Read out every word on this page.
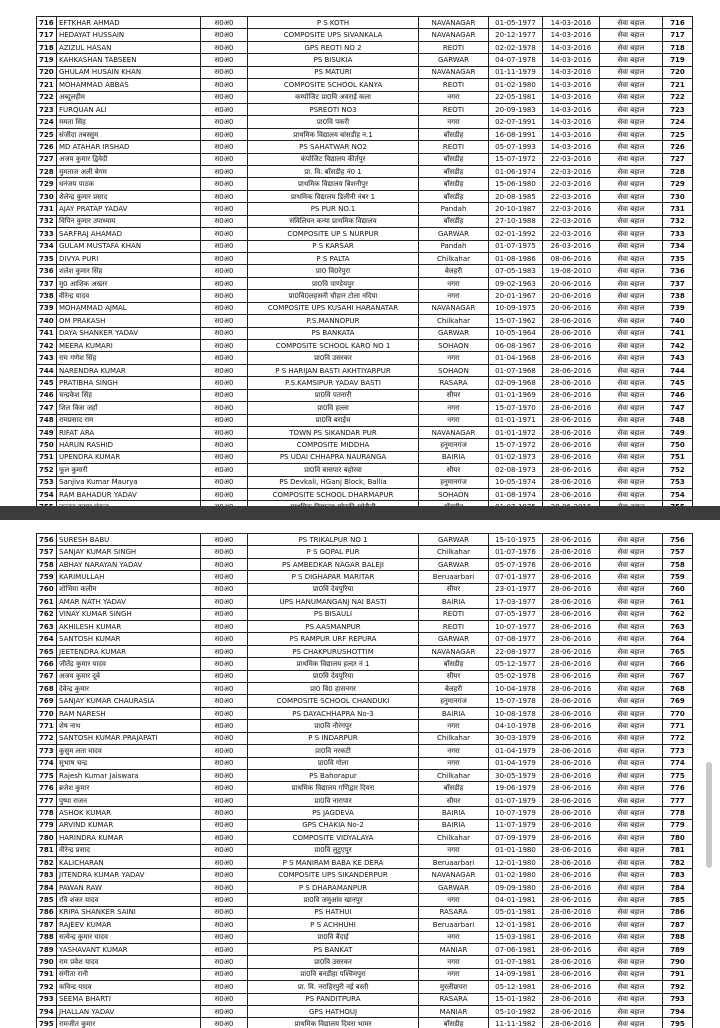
716	EFTKHAR AHMAD	स0अ0	P S KOTH	NAVANAGAR	01-05-1977	14-03-2016	सेवा बहाल	716
717	HEDAYAT HUSSAIN	स0अ0	COMPOSITE UPS SIVANKALA	NAVANAGAR	20-12-1977	14-03-2016	सेवा बहाल	717
718	AZIZUL HASAN	स0अ0	GPS REOTI NO 2	REOTI	02-02-1978	14-03-2016	सेवा बहाल	718
719	KAHKASHAN TABSEEN	स0अ0	PS BISUKIA	GARWAR	04-07-1978	14-03-2016	सेवा बहाल	719
720	GHULAM HUSAIN KHAN	स0अ0	PS MATURI	NAVANAGAR	01-11-1979	14-03-2016	सेवा बहाल	720
721	MOHAMMAD ABBAS	स0अ0	COMPOSITE SCHOOL KANYA	REOTI	01-02-1980	14-03-2016	सेवा बहाल	721
722	अब्दुलहीम	स0अ0	कम्पोजिट प्रा0वि अवराई कला	नगरा	22-05-1981	14-03-2016	सेवा बहाल	722
723	FURQUAN ALI	स0अ0	PSREOTI NO3	REOTI	20-09-1983	14-03-2016	सेवा बहाल	723
724	ममता सिंह	स0अ0	प्रा0वि पकरी	नगरा	02-07-1991	14-03-2016	सेवा बहाल	724
725	संजीदा तबस्सुम	स0अ0	प्राथमिक विद्यालय बांसडीह न.1	बाँसडीह	16-08-1991	14-03-2016	सेवा बहाल	725
726	MD ATAHAR IRSHAD	स0अ0	PS SAHATWAR NO2	REOTI	05-07-1993	14-03-2016	सेवा बहाल	726
727	अजय कुमार द्विवेदी	स0अ0	कंपोजिट विद्यालय कीर्तपुर	बाँसडीह	15-07-1972	22-03-2016	सेवा बहाल	727
728	मुमताज अली बेगम	स0अ0	प्रा. वि. बाँसडीह नं0 1	बाँसडीह	01-06-1974	22-03-2016	सेवा बहाल	728
729	धनंजय पाठक	स0अ0	प्राथमिक विद्यालय बिशनीपुर	बाँसडीह	15-06-1980	22-03-2016	सेवा बहाल	729
730	शैलेन्द्र कुमार प्रसाद	स0अ0	प्राथमिक विद्यालय डिलीनी नंबर 1	बाँसडीह	20-08-1985	22-03-2016	सेवा बहाल	730
731	AJAY PRATAP YADAV	स0अ0	PS PUR NO.1	Pandah	20-10-1987	22-03-2016	सेवा बहाल	731
732	विपिन कुमार उपाध्याय	स0अ0	संविलियन कन्या प्राथमिक विद्यालय	बाँसडीह	27-10-1988	22-03-2016	सेवा बहाल	732
733	SARFRAJ AHAMAD	स0अ0	COMPOSITE UP S NURPUR	GARWAR	02-01-1992	22-03-2016	सेवा बहाल	733
734	GULAM MUSTAFA KHAN	स0अ0	P S KARSAR	Pandah	01-07-1975	26-03-2016	सेवा बहाल	734
735	DIVYA PURI	स0अ0	P S PALTA	Chilkahar	01-08-1986	08-06-2016	सेवा बहाल	735
736	शलेश कुमार सिंह	स0अ0	प्रा0 वि0रेपुरा	बेलहरी	07-05-1983	19-08-2010	सेवा बहाल	736
737	मु0 आशिक अख्तर	स0अ0	प्रा0वि पाण्डेयपुर	नगरा	09-02-1963	20-06-2016	सेवा बहाल	737
738	वीरेन्द्र यादव	स0अ0	प्रा0वि0लहसनी चौहान टोला नदिया	नगरा	20-01-1967	20-06-2016	सेवा बहाल	738
739	MOHAMMAD AJMAL	स0अ0	COMPOSITE UPS KUSAHI HARANATAR	NAVANAGAR	10-09-1975	20-06-2016	सेवा बहाल	739
740	OM PRAKASH	स0अ0	P.S.MANNOPUR	Chilkahar	15-07-1962	28-06-2016	सेवा बहाल	740
741	DAYA SHANKER YADAV	स0अ0	PS BANKATA	GARWAR	10-05-1964	28-06-2016	सेवा बहाल	741
742	MEERA KUMARI	स0अ0	COMPOSITE SCHOOL KARO NO 1	SOHAON	06-08-1967	28-06-2016	सेवा बहाल	742
743	राम गणेश सिंह	स0अ0	प्रा0वि उसरकर	नगरा	01-04-1968	28-06-2016	सेवा बहाल	743
744	NARENDRA KUMAR	स0अ0	P S HARIJAN BASTI AKHTIYARPUR	SOHAON	01-07-1968	28-06-2016	सेवा बहाल	744
745	PRATIBHA SINGH	स0अ0	P.S.KAMSIPUR YADAV BASTI	RASARA	02-09-1968	28-06-2016	सेवा बहाल	745
746	चन्द्रकेश सिंह	स0अ0	प्रा0वि पतनारी	सीयर	01-01-1969	28-06-2016	सेवा बहाल	746
747	शिल किस जहाँ	स0अ0	प्रा0वि हल्ला	नगरा	15-07-1970	28-06-2016	सेवा बहाल	747
748	रामप्रसाद राम	स0अ0	प्रा0वि बराईच	नगरा	01-01-1971	28-06-2016	सेवा बहाल	748
749	RIFAT ARA	स0अ0	TOWN PS SIKANDAR PUR	NAVANAGAR	01-01-1972	28-06-2016	सेवा बहाल	749
750	HARUN RASHID	स0अ0	COMPOSITE MIDDHA	हनुमानगंज	15-07-1972	28-06-2016	सेवा बहाल	750
751	UPENDRA KUMAR	स0अ0	PS UDAI CHHAPRA NAURANGA	BAIRIA	01-02-1973	28-06-2016	सेवा बहाल	751
752	फूल कुमारी	स0अ0	प्रा0वि बासपार बहोरवा	सीयर	02-08-1973	28-06-2016	सेवा बहाल	752
753	Sanjiva Kumar Maurya	स0अ0	PS Devkali, HGanj Block, Ballia	हनुमानगंज	10-05-1974	28-06-2016	सेवा बहाल	753
754	RAM BAHADUR YADAV	स0अ0	COMPOSITE SCHOOL DHARMAPUR	SOHAON	01-08-1974	28-06-2016	सेवा बहाल	754

756	SURESH BABU	स0अ0	PS TRIKALPUR NO 1	GARWAR	15-10-1975	28-06-2016	सेवा बहाल	756
757	SANJAY KUMAR SINGH	स0अ0	P S GOPAL PUR	Chilkahar	01-07-1976	28-06-2016	सेवा बहाल	757
758	ABHAY NARAYAN YADAV	स0अ0	PS AMBEDKAR NAGAR BALEJI	GARWAR	05-07-1976	28-06-2016	सेवा बहाल	758
759	KARIMULLAH	स0अ0	P S DIGHAPAR MARITAR	Beruaarbari	07-01-1977	28-06-2016	सेवा बहाल	759
760	शोभिया कलीम	स0अ0	प्रा0वि देवपुरिया	सीयर	23-01-1977	28-06-2016	सेवा बहाल	760
761	AMAR NATH YADAV	स0अ0	UPS HANUMANGANJ NAI BASTI	BAIRIA	17-03-1977	28-06-2016	सेवा बहाल	761
762	VINAY KUMAR SINGH	स0अ0	PS BISAULI	REOTI	07-05-1977	28-06-2016	सेवा बहाल	762
763	AKHILESH KUMAR	स0अ0	PS AASMANPUR	REOTI	10-07-1977	28-06-2016	सेवा बहाल	763
764	SANTOSH KUMAR	स0अ0	PS RAMPUR URF REPURA	GARWAR	07-08-1977	28-06-2016	सेवा बहाल	764
765	JEETENDRA KUMAR	स0अ0	PS CHAKPURUSHOTTIM	NAVANAGAR	22-08-1977	28-06-2016	सेवा बहाल	765
766	जीतेंद्र कुमार यादव	स0अ0	प्राथमिक विद्यालय हल्दर नं 1	बाँसडीह	05-12-1977	28-06-2016	सेवा बहाल	766
767	अजय कुमार दूबे	स0अ0	प्रा0वि देवपुरिया	सीयर	05-02-1978	28-06-2016	सेवा बहाल	767
768	देवेन्द्र कुमार	स0अ0	प्रा0 वि0 हासनगर	बेलहरी	10-04-1978	28-06-2016	सेवा बहाल	768
769	SANJAY KUMAR CHAURASIA	स0अ0	COMPOSITE SCHOOL CHANDUKI	हनुमानगंज	15-07-1978	28-06-2016	सेवा बहाल	769
770	RAM NARESH	स0अ0	PS DAYACHHAPRA No-3	BAIRIA	10-08-1978	28-06-2016	सेवा बहाल	770
771	शेष नाथ	स0अ0	प्रा0वि नौरंगपुर	नगरा	04-10-1978	28-06-2016	सेवा बहाल	771
772	SANTOSH KUMAR PRAJAPATI	स0अ0	P S INDARPUR	Chilkahar	30-03-1979	28-06-2016	सेवा बहाल	772
773	कुसुम लता यादव	स0अ0	प्रा0वि नरकटी	नगरा	01-04-1979	28-06-2016	सेवा बहाल	773
774	सुभाष चन्द्र	स0अ0	प्रा0वि गोला	नगरा	01-04-1979	28-06-2016	सेवा बहाल	774
775	Rajesh Kumar Jaiswara	स0अ0	PS Bahorapur	Chilkahar	30-05-1979	28-06-2016	सेवा बहाल	775
776	ब्रजेश कुमार	स0अ0	प्राथमिक विद्यालय गणिद्वार दियरा	बाँसडीह	19-06-1979	28-06-2016	सेवा बहाल	776
777	पुष्पा राजन	स0अ0	प्रा0वि नारापार	सीयर	01-07-1979	28-06-2016	सेवा बहाल	777
778	ASHOK KUMAR	स0अ0	PS JAGDEVA	BAIRIA	10-07-1979	28-06-2016	सेवा बहाल	778
779	ARVIND KUMAR	स0अ0	GPS CHAKIA No-2	BAIRIA	11-07-1979	28-06-2016	सेवा बहाल	779
780	HARINDRA KUMAR	स0अ0	COMPOSITE VIDYALAYA	Chilkahar	07-09-1979	28-06-2016	सेवा बहाल	780
781	वीरेन्द्र प्रसाद	स0अ0	प्रा0वि लुटुएपुर	नगरा	01-01-1980	28-06-2016	सेवा बहाल	781
782	KALICHARAN	स0अ0	P S MANIRAM BABA KE DERA	Beruaarbari	12-01-1980	28-06-2016	सेवा बहाल	782
783	JITENDRA KUMAR YADAV	स0अ0	COMPOSITE UPS SIKANDERPUR	NAVANAGAR	01-02-1980	28-06-2016	सेवा बहाल	783
784	PAWAN RAW	स0अ0	P S DHARAMANPUR	GARWAR	09-09-1980	28-06-2016	सेवा बहाल	784
785	रवि शंकर यादव	स0अ0	प्रा0वि जमुआंव खानपुर	नगरा	04-01-1981	28-06-2016	सेवा बहाल	785
786	KRIPA SHANKER SAINI	स0अ0	PS HATHUI	RASARA	05-01-1981	28-06-2016	सेवा बहाल	786
787	RAJEEV KUMAR	स0अ0	P S ACHHUHI	Beruaarbari	12-01-1981	28-06-2016	सेवा बहाल	787
788	सत्येन्द्र कुमार यादव	स0अ0	प्रा0वि बैंदाई	नगरा	15-03-1981	28-06-2016	सेवा बहाल	788
789	YASHAVANT KUMAR	स0अ0	PS BANKAT	MANIAR	07-06-1981	28-06-2016	सेवा बहाल	789
790	राम प्रवेश यादव	स0अ0	प्रा0वि उसरकर	नगरा	01-07-1981	28-06-2016	सेवा बहाल	790
791	संगीता रानी	स0अ0	प्रा0वि बनडीहा पश्चिमपुरा	नगरा	14-09-1981	28-06-2016	सेवा बहाल	791
792	कविन्द्र यादव	स0अ0	प्रा. वि. नराहिरपुरी नई बस्ती	मुरलीछपरा	05-12-1981	28-06-2016	सेवा बहाल	792
793	SEEMA BHARTI	स0अ0	PS PANDITPURA	RASARA	15-01-1982	28-06-2016	सेवा बहाल	793
794	JHALLAN YADAV	स0अ0	GPS HATHOUJ	MANIAR	05-10-1982	28-06-2016	सेवा बहाल	794
795	रामजीत कुमार	स0अ0	प्राथमिक विद्यालय दियरा भामर	बाँसडीह	11-11-1982	28-06-2016	सेवा बहाल	795
